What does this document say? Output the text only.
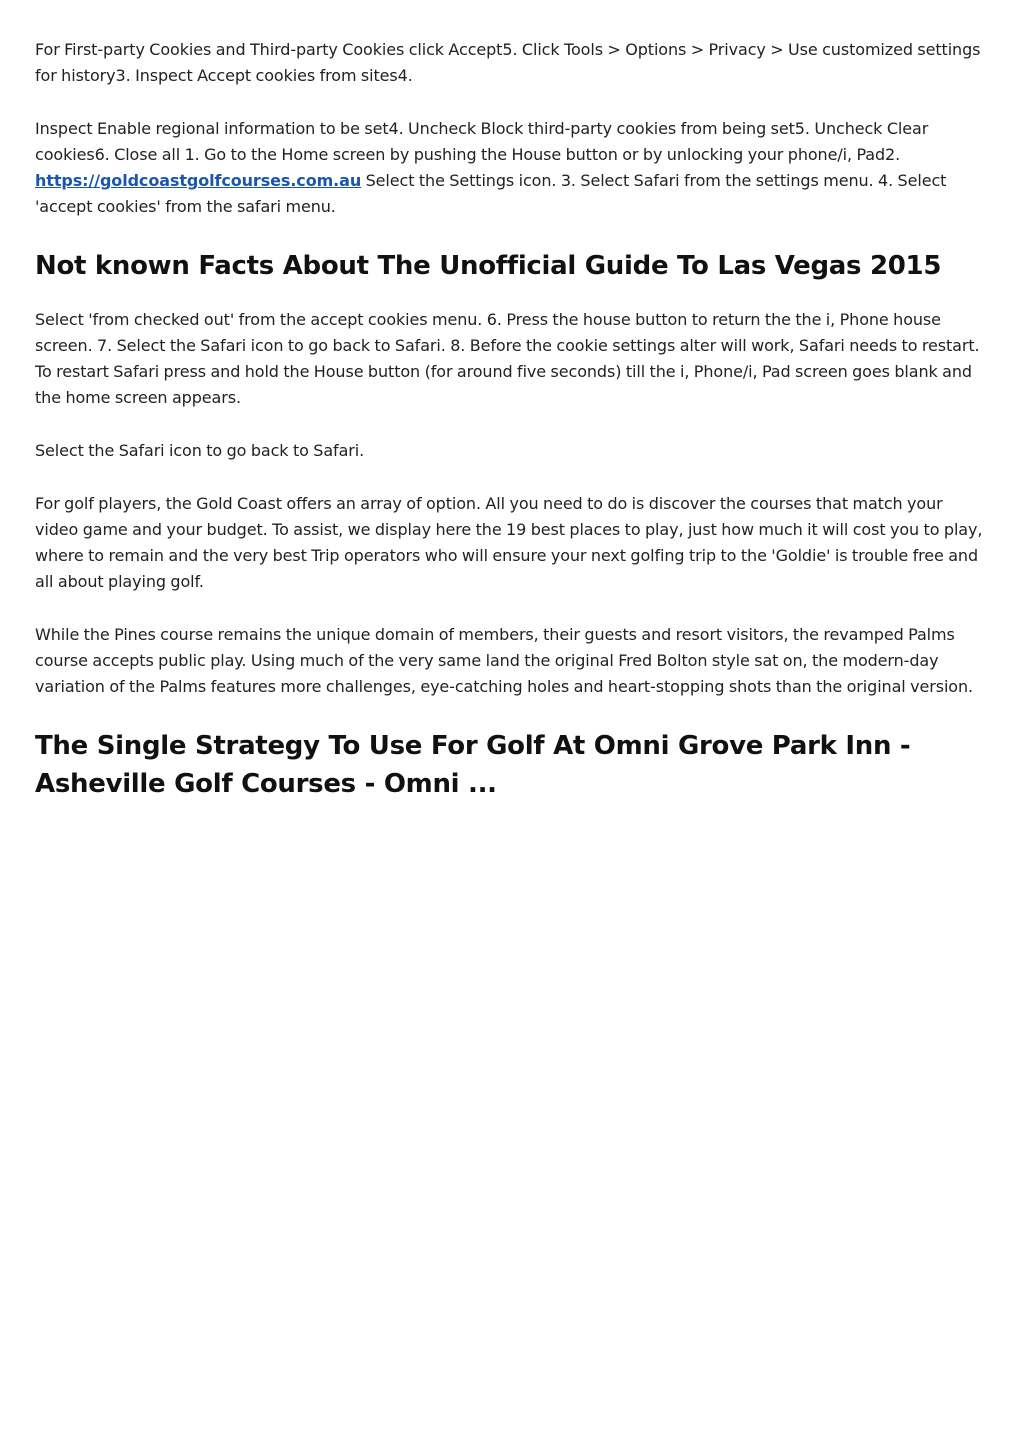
For First-party Cookies and Third-party Cookies click Accept5. Click Tools > Options > Privacy > Use customized settings for history3. Inspect Accept cookies from sites4.

Inspect Enable regional information to be set4. Uncheck Block third-party cookies from being set5. Uncheck Clear cookies6. Close all 1. Go to the Home screen by pushing the House button or by unlocking your phone/i, Pad2. https://goldcoastgolfcourses.com.au Select the Settings icon. 3. Select Safari from the settings menu. 4. Select 'accept cookies' from the safari menu.

Not known Facts About The Unofficial Guide To Las Vegas 2015

Select 'from checked out' from the accept cookies menu. 6. Press the house button to return the the i, Phone house screen. 7. Select the Safari icon to go back to Safari. 8. Before the cookie settings alter will work, Safari needs to restart. To restart Safari press and hold the House button (for around five seconds) till the i, Phone/i, Pad screen goes blank and the home screen appears.

Select the Safari icon to go back to Safari.

For golf players, the Gold Coast offers an array of option. All you need to do is discover the courses that match your video game and your budget. To assist, we display here the 19 best places to play, just how much it will cost you to play, where to remain and the very best Trip operators who will ensure your next golfing trip to the 'Goldie' is trouble free and all about playing golf.

While the Pines course remains the unique domain of members, their guests and resort visitors, the revamped Palms course accepts public play. Using much of the very same land the original Fred Bolton style sat on, the modern-day variation of the Palms features more challenges, eye-catching holes and heart-stopping shots than the original version.

The Single Strategy To Use For Golf At Omni Grove Park Inn - Asheville Golf Courses - Omni ...
